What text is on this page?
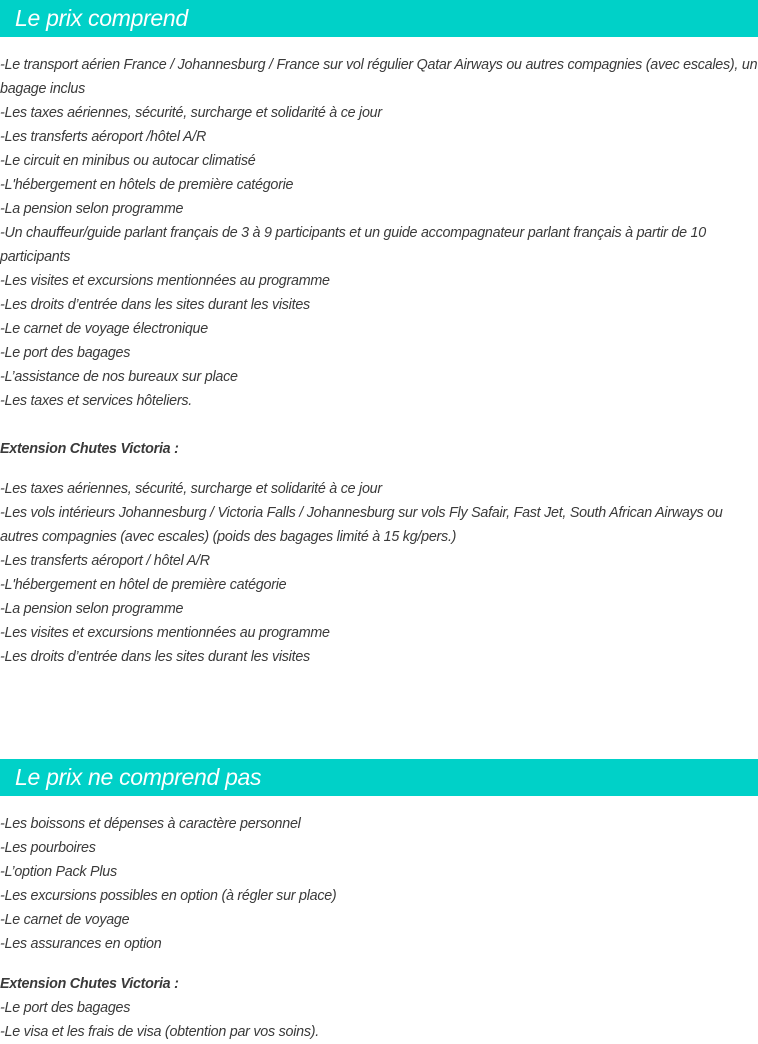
Le prix comprend
-Le transport aérien France / Johannesburg / France sur vol régulier Qatar Airways ou autres compagnies (avec escales), un bagage inclus
-Les taxes aériennes, sécurité, surcharge et solidarité à ce jour
-Les transferts aéroport /hôtel A/R
-Le circuit en minibus ou autocar climatisé
-L'hébergement en hôtels de première catégorie
-La pension selon programme
-Un chauffeur/guide parlant français de 3 à 9 participants et un guide accompagnateur parlant français à partir de 10 participants
-Les visites et excursions mentionnées au programme
-Les droits d’entrée dans les sites durant les visites
-Le carnet de voyage électronique
-Le port des bagages
-L’assistance de nos bureaux sur place
-Les taxes et services hôteliers.
Extension Chutes Victoria :
-Les taxes aériennes, sécurité, surcharge et solidarité à ce jour
-Les vols intérieurs Johannesburg / Victoria Falls / Johannesburg sur vols Fly Safair, Fast Jet, South African Airways ou autres compagnies (avec escales) (poids des bagages limité à 15 kg/pers.)
-Les transferts aéroport / hôtel A/R
-L'hébergement en hôtel de première catégorie
-La pension selon programme
-Les visites et excursions mentionnées au programme
-Les droits d’entrée dans les sites durant les visites
Le prix ne comprend pas
-Les boissons et dépenses à caractère personnel
-Les pourboires
-L’option Pack Plus
-Les excursions possibles en option (à régler sur place)
-Le carnet de voyage
-Les assurances en option
Extension Chutes Victoria :
-Le port des bagages
-Le visa et les frais de visa (obtention par vos soins).
